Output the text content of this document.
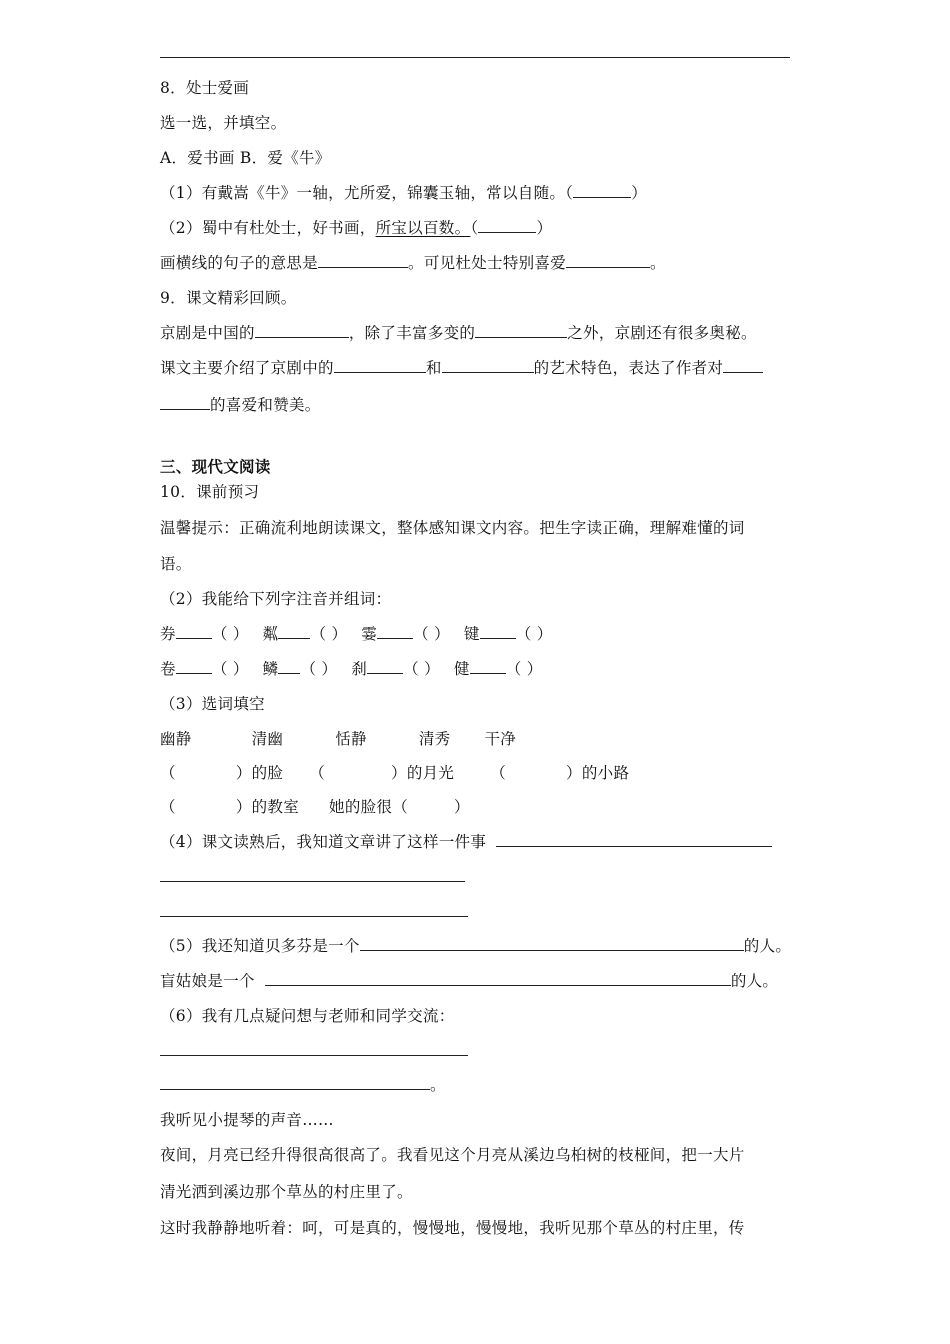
8．处士爱画
选一选，并填空。
A．爱书画 B．爱《牛》
（1）有戴嵩《牛》一轴，尤所爱，锦囊玉轴，常以自随。（	）
（2）蜀中有杜处士，好书画，所宝以百数。（	）
画横线的句子的意思是	。可见杜处士特别喜爱	。
9．课文精彩回顾。
京剧是中国的	，除了丰富多变的	之外，京剧还有很多奥秘。
课文主要介绍了京剧中的	和	的艺术特色，表达了作者对
的喜爱和赞美。
三、现代文阅读
10．课前预习
温馨提示：正确流利地朗读课文，整体感知课文内容。把生字读正确，理解难懂的词
语。
（2）我能给下列字注音并组词：
券 （ ） 粼 （ ） 霎 （ ） 键 （ ）
卷 （ ） 鳞 （ ） 刹 （ ） 健 （ ）
（3）选词填空
幽静	清幽	恬静	清秀 干净
（	）的脸 （	）的月光 （	）的小路
（	）的教室 她的脸很（	）
（4）课文读熟后，我知道文章讲了这样一件事
（5）我还知道贝多芬是一个	的人。
盲姑娘是一个	的人。
（6）我有几点疑问想与老师和同学交流：
。
我听见小提琴的声音……
夜间，月亮已经升得很高很高了。我看见这个月亮从溪边乌桕树的枝桠间，把一大片
清光洒到溪边那个草丛的村庄里了。
这时我静静地听着：呵，可是真的，慢慢地，慢慢地，我听见那个草丛的村庄里，传
